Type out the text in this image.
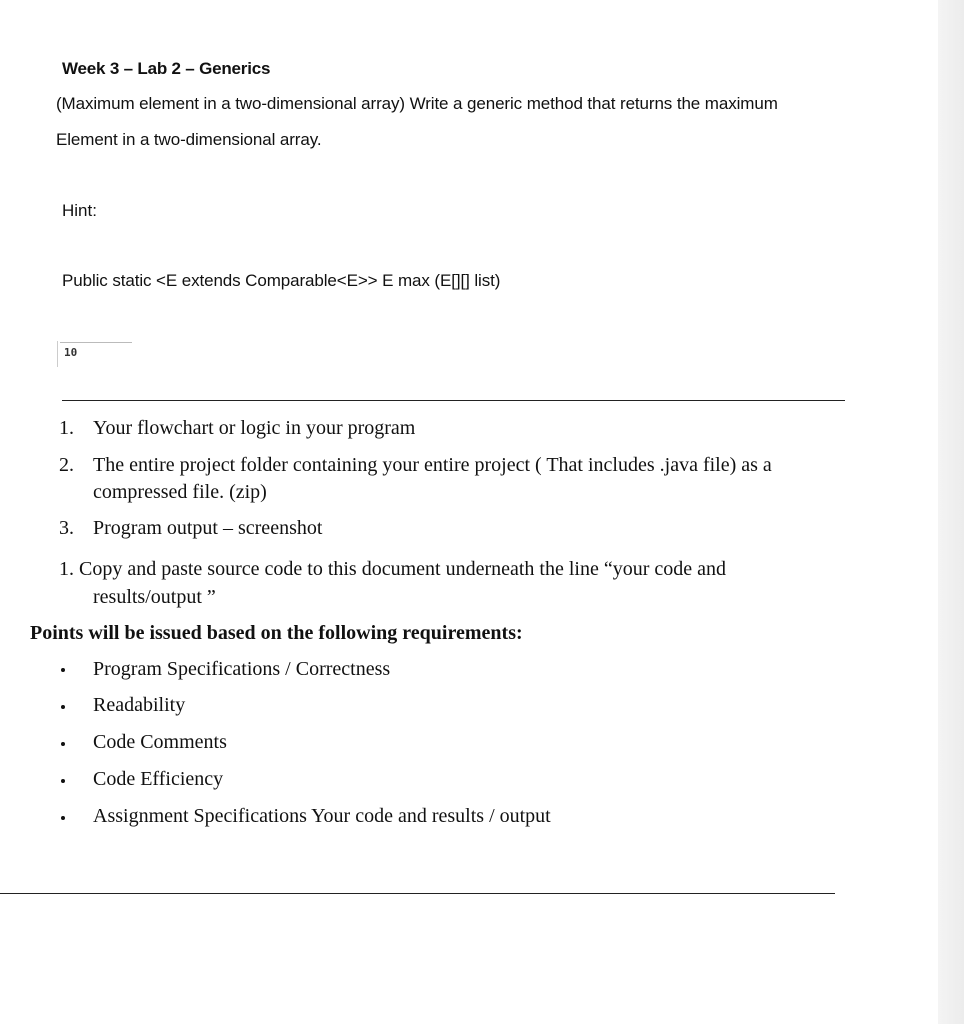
Week 3 – Lab 2 – Generics
(Maximum element in a two-dimensional array) Write a generic method that returns the maximum
Element in a two-dimensional array.
Hint:
Public static <E extends Comparable<E>> E max (E[][] list)
10
1. Your flowchart or logic in your program
2. The entire project folder containing your entire project ( That includes .java file) as a
compressed file. (zip)
3. Program output – screenshot
1. Copy and paste source code to this document underneath the line “your code and
results/output ”
Points will be issued based on the following requirements:
Program Specifications / Correctness
Readability
Code Comments
Code Efficiency
Assignment Specifications Your code and results / output
